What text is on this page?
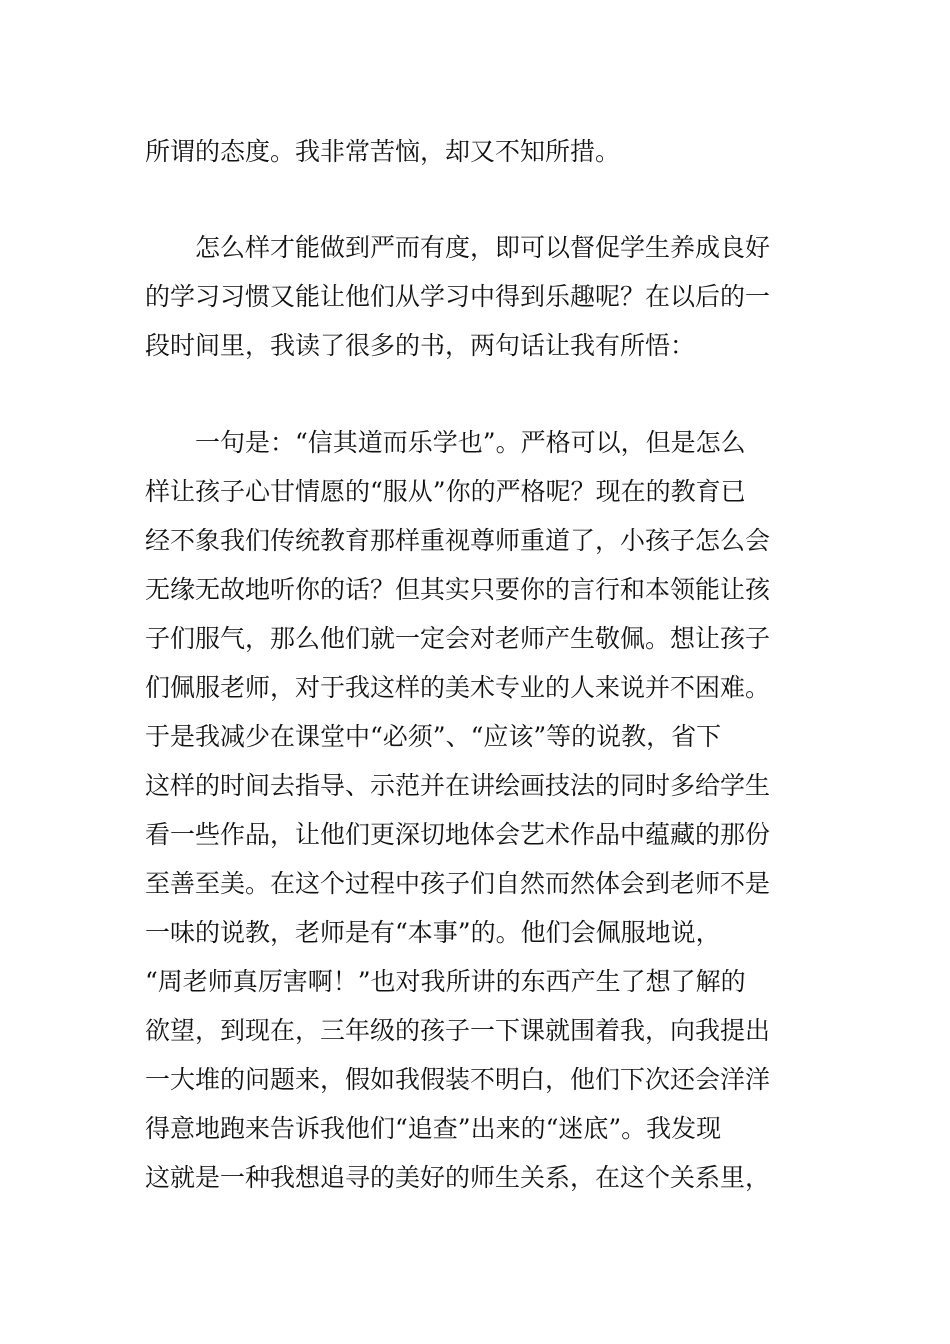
所谓的态度。我非常苦恼，却又不知所措。
　　怎么样才能做到严而有度，即可以督促学生养成良好
的学习习惯又能让他们从学习中得到乐趣呢？在以后的一
段时间里，我读了很多的书，两句话让我有所悟：
　　一句是：“信其道而乐学也”。严格可以，但是怎么
样让孩子心甘情愿的“服从”你的严格呢？现在的教育已
经不象我们传统教育那样重视尊师重道了，小孩子怎么会
无缘无故地听你的话？但其实只要你的言行和本领能让孩
子们服气，那么他们就一定会对老师产生敬佩。想让孩子
们佩服老师，对于我这样的美术专业的人来说并不困难。
于是我减少在课堂中“必须”、“应该”等的说教，省下
这样的时间去指导、示范并在讲绘画技法的同时多给学生
看一些作品，让他们更深切地体会艺术作品中蕴藏的那份
至善至美。在这个过程中孩子们自然而然体会到老师不是
一味的说教，老师是有“本事”的。他们会佩服地说，
“周老师真厉害啊！”也对我所讲的东西产生了想了解的
欲望，到现在，三年级的孩子一下课就围着我，向我提出
一大堆的问题来，假如我假装不明白，他们下次还会洋洋
得意地跑来告诉我他们“追查”出来的“迷底”。我发现
这就是一种我想追寻的美好的师生关系，在这个关系里，
